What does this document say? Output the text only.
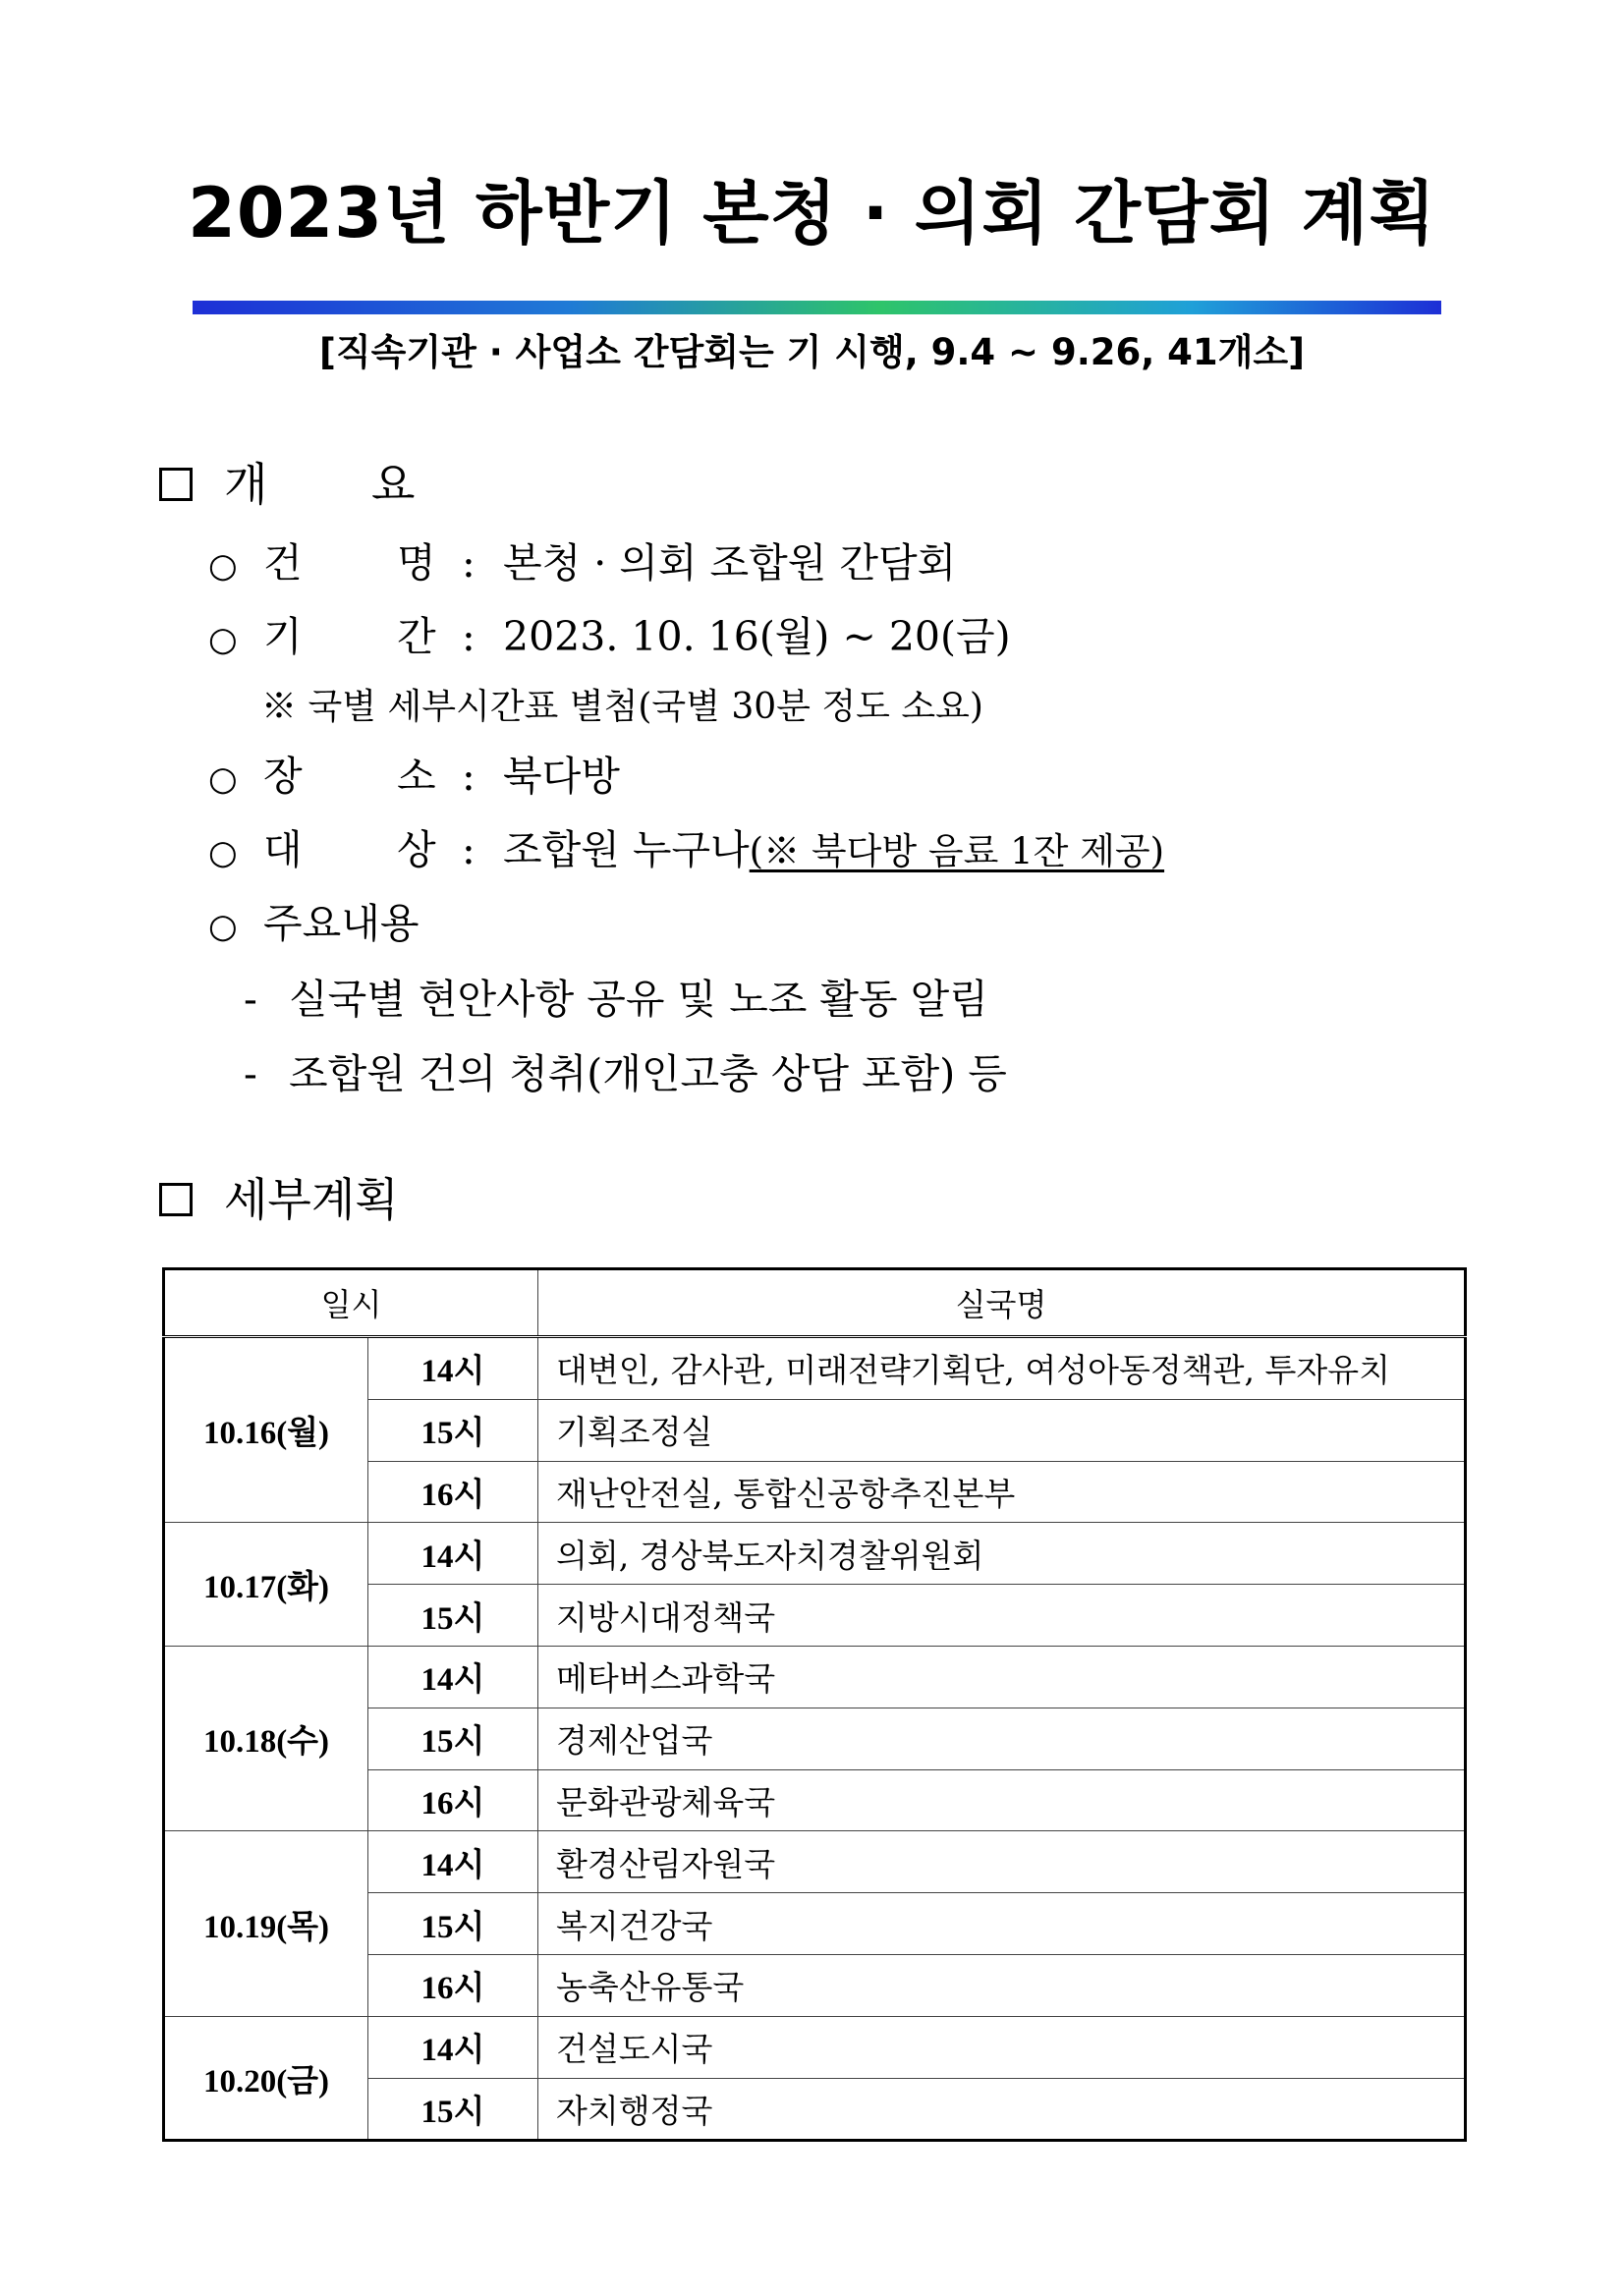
2023년 하반기 본청 · 의회 간담회 계획
[직속기관 · 사업소 간담회는 기 시행, 9.4 ~ 9.26, 41개소]
개	요
○ 건	명 : 본청 · 의회 조합원 간담회
○ 기	간 : 2023. 10. 16(월) ~ 20(금)
※ 국별 세부시간표 별첨(국별 30분 정도 소요)
○ 장	소 : 북다방
○ 대	상 : 조합원 누구나 (※ 북다방 음료 1잔 제공)
○ 주요내용
- 실국별 현안사항 공유 및 노조 활동 알림
- 조합원 건의 청취(개인고충 상담 포함) 등
세부계획
일시		실국명
10.16(월)	14시	대변인, 감사관, 미래전략기획단, 여성아동정책관, 투자유치
	15시	기획조정실
	16시	재난안전실, 통합신공항추진본부
10.17(화)	14시	의회, 경상북도자치경찰위원회
	15시	지방시대정책국
10.18(수)	14시	메타버스과학국
	15시	경제산업국
	16시	문화관광체육국
10.19(목)	14시	환경산림자원국
	15시	복지건강국
	16시	농축산유통국
10.20(금)	14시	건설도시국
	15시	자치행정국
